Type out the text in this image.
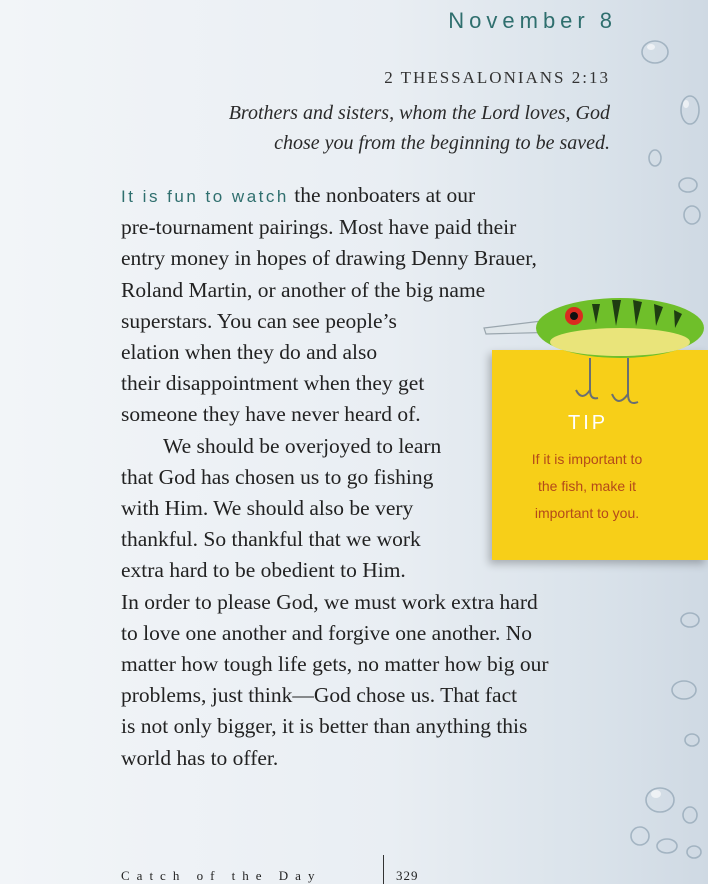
November 8
2 THESSALONIANS 2:13
Brothers and sisters, whom the Lord loves, God
chose you from the beginning to be saved.
It is fun to watch the nonboaters at our
pre-tournament pairings. Most have paid their
entry money in hopes of drawing Denny Brauer,
Roland Martin, or another of the big name
superstars. You can see people’s
elation when they do and also
their disappointment when they get
someone they have never heard of.
We should be overjoyed to learn
that God has chosen us to go fishing
with Him. We should also be very
thankful. So thankful that we work
extra hard to be obedient to Him.
In order to please God, we must work extra hard
to love one another and forgive one another. No
matter how tough life gets, no matter how big our
problems, just think—God chose us. That fact
is not only bigger, it is better than anything this
world has to offer.
TIP
If it is important to
the fish, make it
important to you.
Catch of the Day	329
